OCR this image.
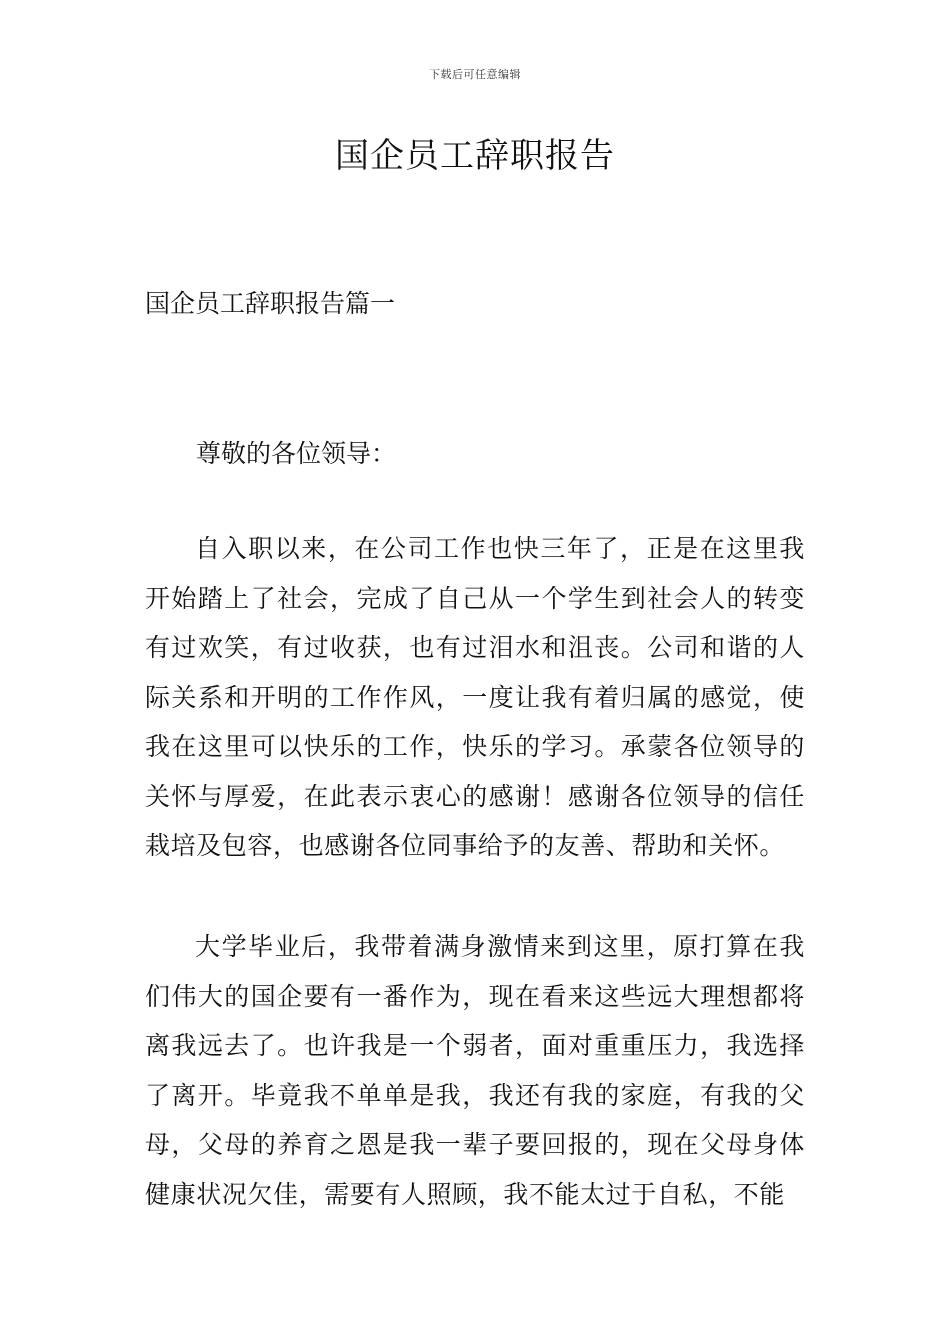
下载后可任意编辑
国企员工辞职报告
国企员工辞职报告篇一

尊敬的各位领导：

自入职以来，在公司工作也快三年了，正是在这里我开始踏上了社会，完成了自己从一个学生到社会人的转变有过欢笑，有过收获，也有过泪水和沮丧。公司和谐的人际关系和开明的工作作风，一度让我有着归属的感觉，使我在这里可以快乐的工作，快乐的学习。承蒙各位领导的关怀与厚爱，在此表示衷心的感谢！感谢各位领导的信任栽培及包容，也感谢各位同事给予的友善、帮助和关怀。

大学毕业后，我带着满身激情来到这里，原打算在我们伟大的国企要有一番作为，现在看来这些远大理想都将离我远去了。也许我是一个弱者，面对重重压力，我选择了离开。毕竟我不单单是我，我还有我的家庭，有我的父母，父母的养育之恩是我一辈子要回报的，现在父母身体健康状况欠佳，需要有人照顾，我不能太过于自私，不能
